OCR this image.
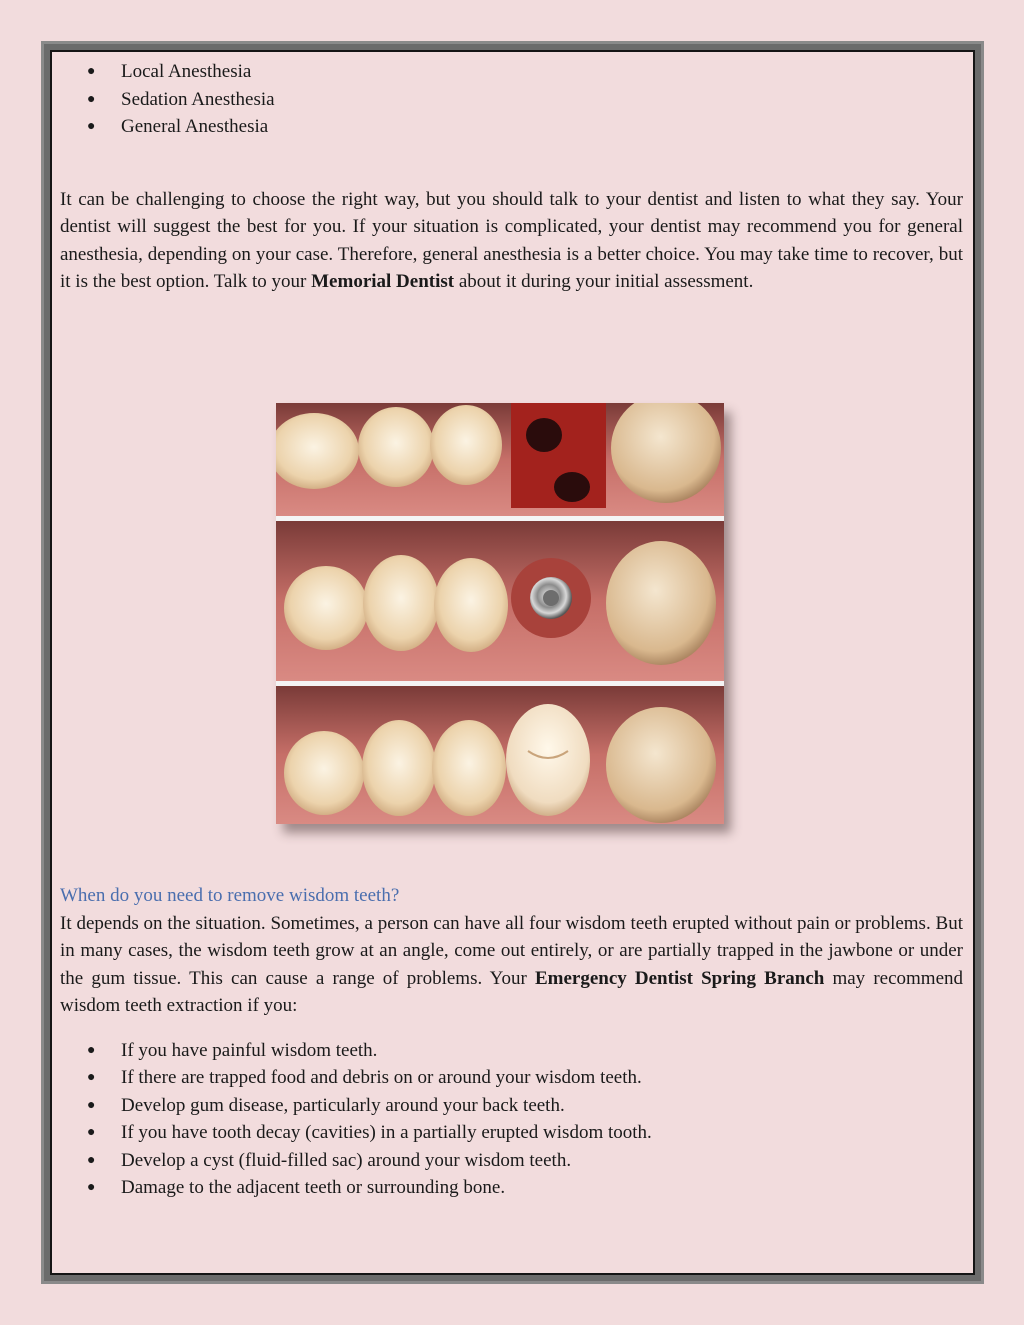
● Local Anesthesia
● Sedation Anesthesia
● General Anesthesia

It can be challenging to choose the right way, but you should talk to your dentist and listen to what they say. Your dentist will suggest the best for you. If your situation is complicated, your dentist may recommend you for general anesthesia, depending on your case. Therefore, general anesthesia is a better choice. You may take time to recover, but it is the best option. Talk to your Memorial Dentist about it during your initial assessment.

When do you need to remove wisdom teeth?

It depends on the situation. Sometimes, a person can have all four wisdom teeth erupted without pain or problems. But in many cases, the wisdom teeth grow at an angle, come out entirely, or are partially trapped in the jawbone or under the gum tissue. This can cause a range of problems. Your Emergency Dentist Spring Branch may recommend wisdom teeth extraction if you:

● If you have painful wisdom teeth.
● If there are trapped food and debris on or around your wisdom teeth.
● Develop gum disease, particularly around your back teeth.
● If you have tooth decay (cavities) in a partially erupted wisdom tooth.
● Develop a cyst (fluid-filled sac) around your wisdom teeth.
● Damage to the adjacent teeth or surrounding bone.
